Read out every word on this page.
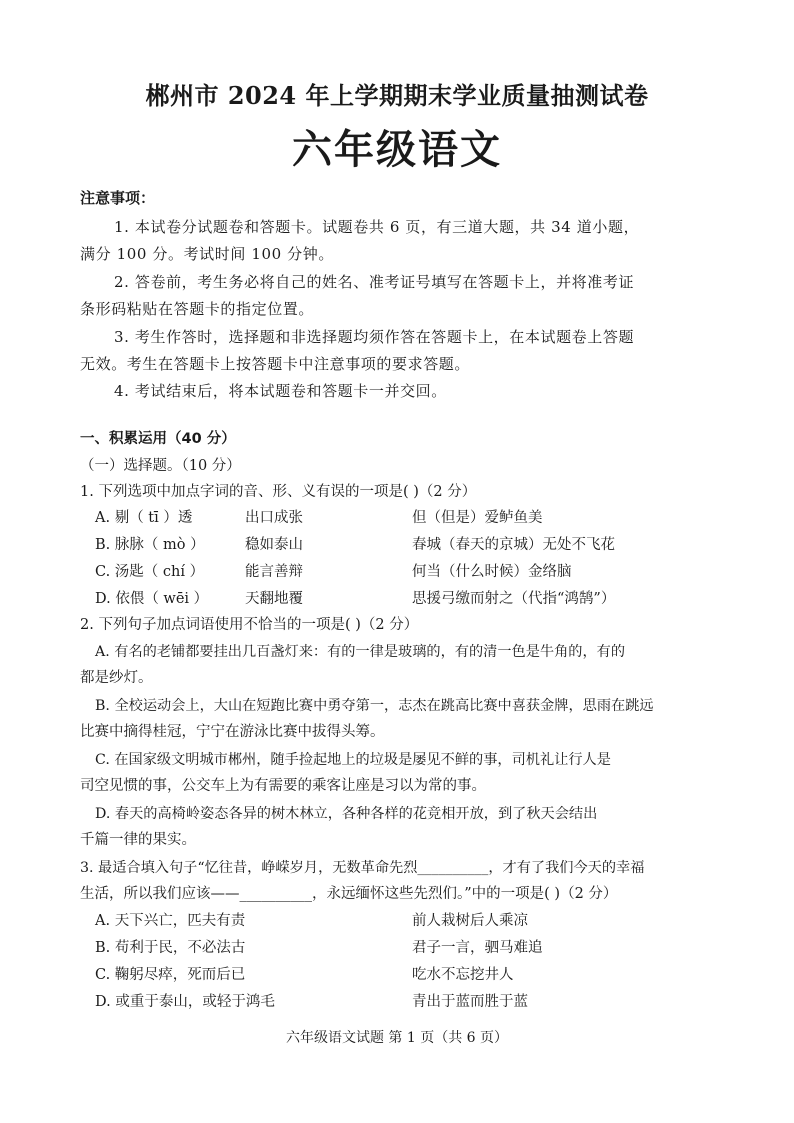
郴州市 2024 年上学期期末学业质量抽测试卷
六年级语文
注意事项：
1. 本试卷分试题卷和答题卡。试题卷共 6 页，有三道大题，共 34 道小题，
满分 100 分。考试时间 100 分钟。
2. 答卷前，考生务必将自己的姓名、准考证号填写在答题卡上，并将准考证
条形码粘贴在答题卡的指定位置。
3. 考生作答时，选择题和非选择题均须作答在答题卡上，在本试题卷上答题
无效。考生在答题卡上按答题卡中注意事项的要求答题。
4. 考试结束后，将本试题卷和答题卡一并交回。
一、积累运用（40 分）
（一）选择题。（10 分）
1. 下列选项中加点字词的音、形、义有误的一项是( )（2 分）
A. 剔（ tī ）透	出口成张	但（但是）爱鲈鱼美
B. 脉脉（ mò ）	稳如泰山	春城（春天的京城）无处不飞花
C. 汤匙（ chí ）	能言善辩	何当（什么时候）金络脑
D. 依偎（ wēi ）	天翻地覆	思援弓缴而射之（代指“鸿鹄”）
2. 下列句子加点词语使用不恰当的一项是( )（2 分）
A. 有名的老铺都要挂出几百盏灯来：有的一律是玻璃的，有的清一色是牛角的，有的
都是纱灯。
B. 全校运动会上，大山在短跑比赛中勇夺第一，志杰在跳高比赛中喜获金牌，思雨在跳远
比赛中摘得桂冠，宁宁在游泳比赛中拔得头筹。
C. 在国家级文明城市郴州，随手捡起地上的垃圾是屡见不鲜的事，司机礼让行人是
司空见惯的事，公交车上为有需要的乘客让座是习以为常的事。
D. 春天的高椅岭姿态各异的树木林立，各种各样的花竞相开放，到了秋天会结出
千篇一律的果实。
3. 最适合填入句子“忆往昔，峥嵘岁月，无数革命先烈__________，才有了我们今天的幸福
生活，所以我们应该——__________，永远缅怀这些先烈们。”中的一项是( )（2 分）
A. 天下兴亡，匹夫有责	前人栽树后人乘凉
B. 苟利于民，不必法古	君子一言，驷马难追
C. 鞠躬尽瘁，死而后已	吃水不忘挖井人
D. 或重于泰山，或轻于鸿毛	青出于蓝而胜于蓝
六年级语文试题 第 1 页（共 6 页）
